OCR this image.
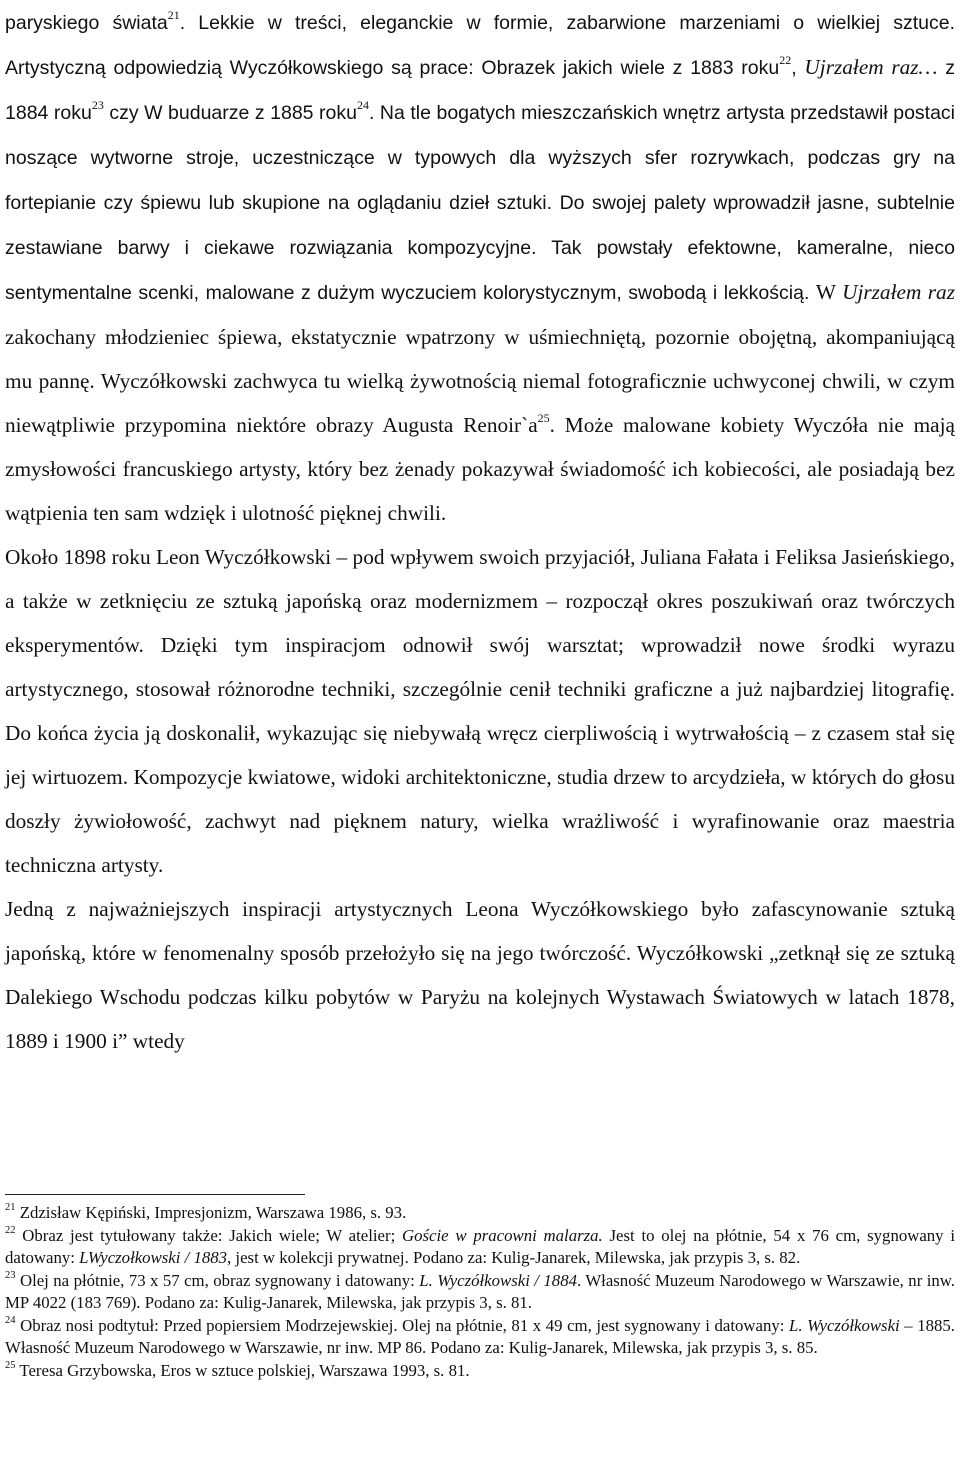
paryskiego świata$^{21}$. Lekkie w treści, eleganckie w formie, zabarwione marzeniami o wielkiej sztuce. Artystyczną odpowiedzią Wyczółkowskiego są prace: Obrazek jakich wiele z 1883 roku$^{22}$, Ujrzałem raz… z 1884 roku$^{23}$ czy W buduarze z 1885 roku$^{24}$. Na tle bogatych mieszczańskich wnętrz artysta przedstawił postaci noszące wytworne stroje, uczestniczące w typowych dla wyższych sfer rozrywkach, podczas gry na fortepianie czy śpiewu lub skupione na oglądaniu dzieł sztuki. Do swojej palety wprowadził jasne, subtelnie zestawiane barwy i ciekawe rozwiązania kompozycyjne. Tak powstały efektowne, kameralne, nieco sentymentalne scenki, malowane z dużym wyczuciem kolorystycznym, swobodą i lekkością. W Ujrzałem raz zakochany młodzieniec śpiewa, ekstatycznie wpatrzony w uśmiechniętą, pozornie obojętną, akompaniującą mu pannę. Wyczółkowski zachwyca tu wielką żywotnością niemal fotograficznie uchwyconej chwili, w czym niewątpliwie przypomina niektóre obrazy Augusta $Renoir`a^{25}$. Może malowane kobiety Wyczóła nie mają zmysłowości francuskiego artysty, który bez żenady pokazywał świadomość ich kobiecości, ale posiadają bez wątpienia ten sam wdzięk i ulotność pięknej chwili.

Około 1898 roku Leon Wyczółkowski ‒ pod wpływem swoich przyjaciół, Juliana Fałata i Feliksa Jasieńskiego, a także w zetknięciu ze sztuką japońską oraz modernizmem ‒ rozpoczął okres poszukiwań oraz twórczych eksperymentów. Dzięki tym inspiracjom odnowił swój warsztat; wprowadził nowe środki wyrazu artystycznego, stosował różnorodne techniki, szczególnie cenił techniki graficzne a już najbardziej litografię. Do końca życia ją doskonalił, wykazując się niebywałą wręcz cierpliwością i wytrwałością ‒ z czasem stał się jej wirtuozem. Kompozycje kwiatowe, widoki architektoniczne, studia drzew to arcydzieła, w których do głosu doszły żywiołowość, zachwyt nad pięknem natury, wielka wrażliwość i wyrafinowanie oraz maestria techniczna artysty.

Jedną z najważniejszych inspiracji artystycznych Leona Wyczółkowskiego było zafascynowanie sztuką japońską, które w fenomenalny sposób przełożyło się na jego twórczość. Wyczółkowski „zetknął się ze sztuką Dalekiego Wschodu podczas kilku pobytów w Paryżu na kolejnych Wystawach Światowych w latach 1878, 1889 i 1900 i” wtedy

$^{21}$ Zdzisław Kępiński, Impresjonizm, Warszawa 1986, s. 93.

$^{22}$ Obraz jest tytułowany także: Jakich wiele; W atelier; Goście w pracowni malarza. Jest to olej na płótnie, 54 x 76 cm, sygnowany i datowany: LWyczołkowski / 1883, jest w kolekcji prywatnej. Podano za: Kulig-Janarek, Milewska, jak przypis 3, s. 82.

$^{23}$ Olej na płótnie, 73 x 57 cm, obraz sygnowany i datowany: L. Wyczółkowski / 1884. Własność Muzeum Narodowego w Warszawie, nr inw. MP 4022 (183 769). Podano za: Kulig-Janarek, Milewska, jak przypis 3, s. 81.

$^{24}$ Obraz nosi podtytuł: Przed popiersiem Modrzejewskiej. Olej na płótnie, 81 x 49 cm, jest sygnowany i datowany: L. Wyczółkowski ‒ 1885. Własność Muzeum Narodowego w Warszawie, nr inw. MP 86. Podano za: Kulig-Janarek, Milewska, jak przypis 3, s. 85.

$^{25}$ Teresa Grzybowska, Eros w sztuce polskiej, Warszawa 1993, s. 81.
